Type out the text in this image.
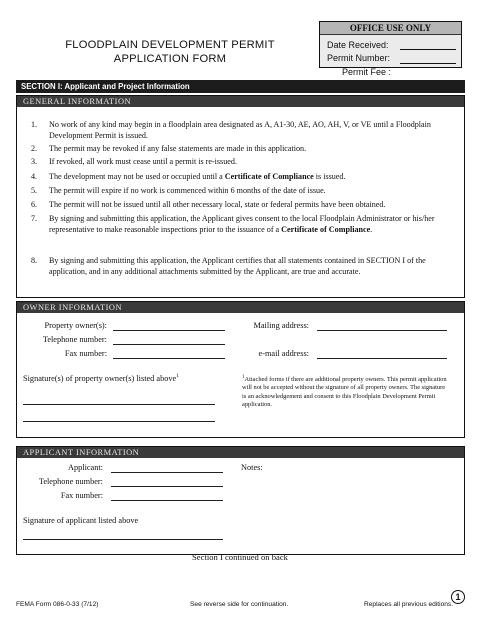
FLOODPLAIN DEVELOPMENT PERMIT
APPLICATION FORM
OFFICE USE ONLY
Date Received:
Permit Number:
Permit Fee :
SECTION I: Applicant and Project Information
GENERAL INFORMATION
1. No work of any kind may begin in a floodplain area designated as A, A1-30, AE, AO, AH, V, or VE until a Floodplain Development Permit is issued.
2. The permit may be revoked if any false statements are made in this application.
3. If revoked, all work must cease until a permit is re-issued.
4. The development may not be used or occupied until a Certificate of Compliance is issued.
5. The permit will expire if no work is commenced within 6 months of the date of issue.
6. The permit will not be issued until all other necessary local, state or federal permits have been obtained.
7. By signing and submitting this application, the Applicant gives consent to the local Floodplain Administrator or his/her representative to make reasonable inspections prior to the issuance of a Certificate of Compliance.
8. By signing and submitting this application, the Applicant certifies that all statements contained in SECTION I of the application, and in any additional attachments submitted by the Applicant, are true and accurate.
OWNER INFORMATION
Property owner(s):
Telephone number:
Fax number:
Mailing address:
e-mail address:
Signature(s) of property owner(s) listed above$^1$	$^1$Attached forms if there are additional property owners. This permit application will not be accepted without the signature of all property owners. The signature is an acknowledgement and consent to this Floodplain Development Permit application.
APPLICANT INFORMATION
Applicant:
Telephone number:
Fax number:
Notes:
Signature of applicant listed above
Section I continued on back
FEMA Form 086-0-33 (7/12)	See reverse side for continuation.	Replaces all previous editions.
1
